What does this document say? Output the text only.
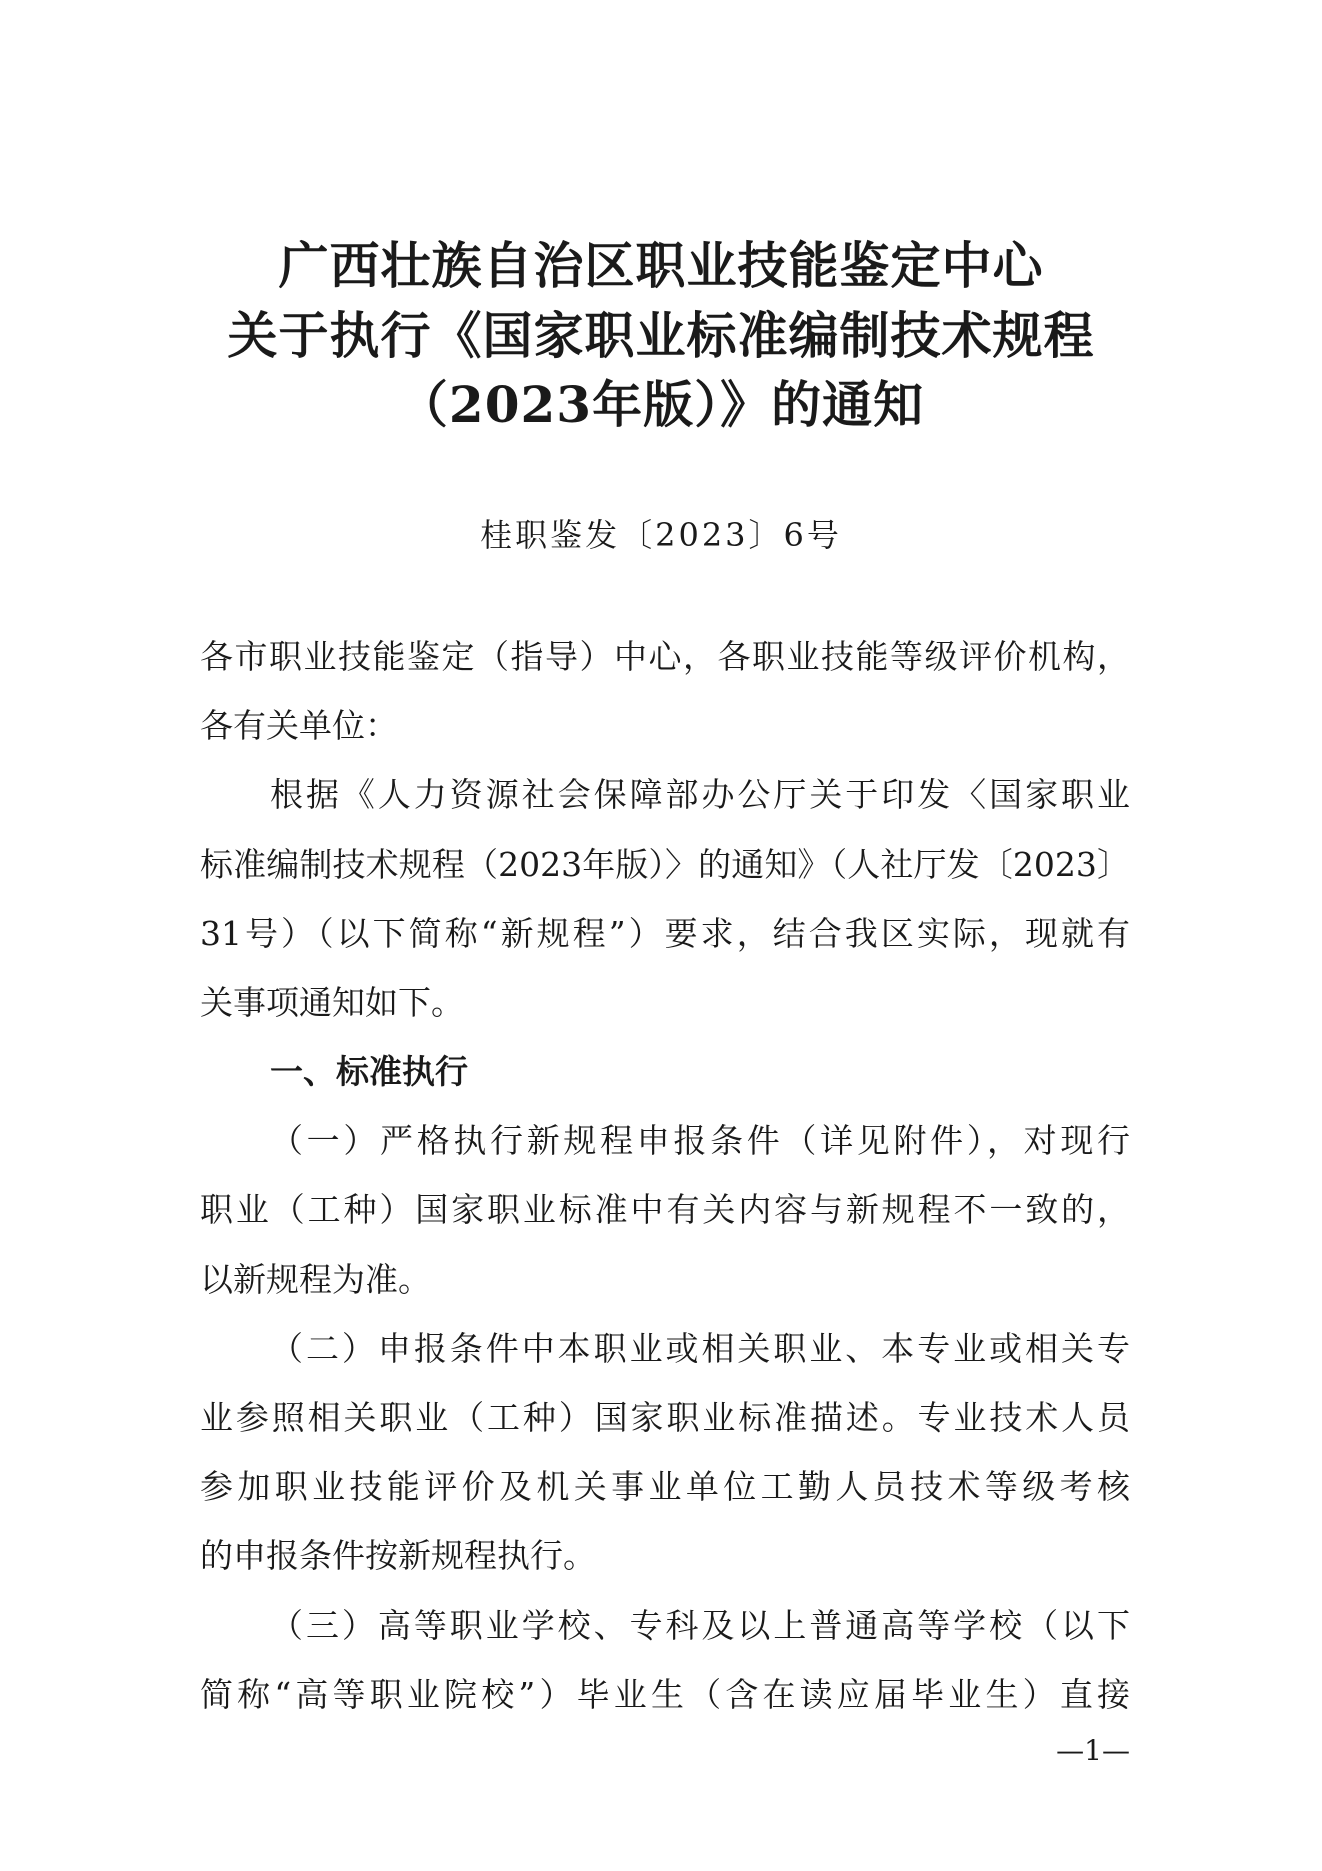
广西壮族自治区职业技能鉴定中心
关于执行《国家职业标准编制技术规程
（2023年版）》的通知
桂职鉴发〔2023〕6号
各市职业技能鉴定（指导）中心，各职业技能等级评价机构，
各有关单位：
根据《人力资源社会保障部办公厅关于印发〈国家职业
标准编制技术规程（2023年版）〉的通知》（人社厅发〔2023〕
31号）（以下简称“新规程”）要求，结合我区实际，现就有
关事项通知如下。
一、标准执行
（一）严格执行新规程申报条件（详见附件），对现行
职业（工种）国家职业标准中有关内容与新规程不一致的，
以新规程为准。
（二）申报条件中本职业或相关职业、本专业或相关专
业参照相关职业（工种）国家职业标准描述。专业技术人员
参加职业技能评价及机关事业单位工勤人员技术等级考核
的申报条件按新规程执行。
（三）高等职业学校、专科及以上普通高等学校（以下
简称“高等职业院校”）毕业生（含在读应届毕业生）直接
—1—
